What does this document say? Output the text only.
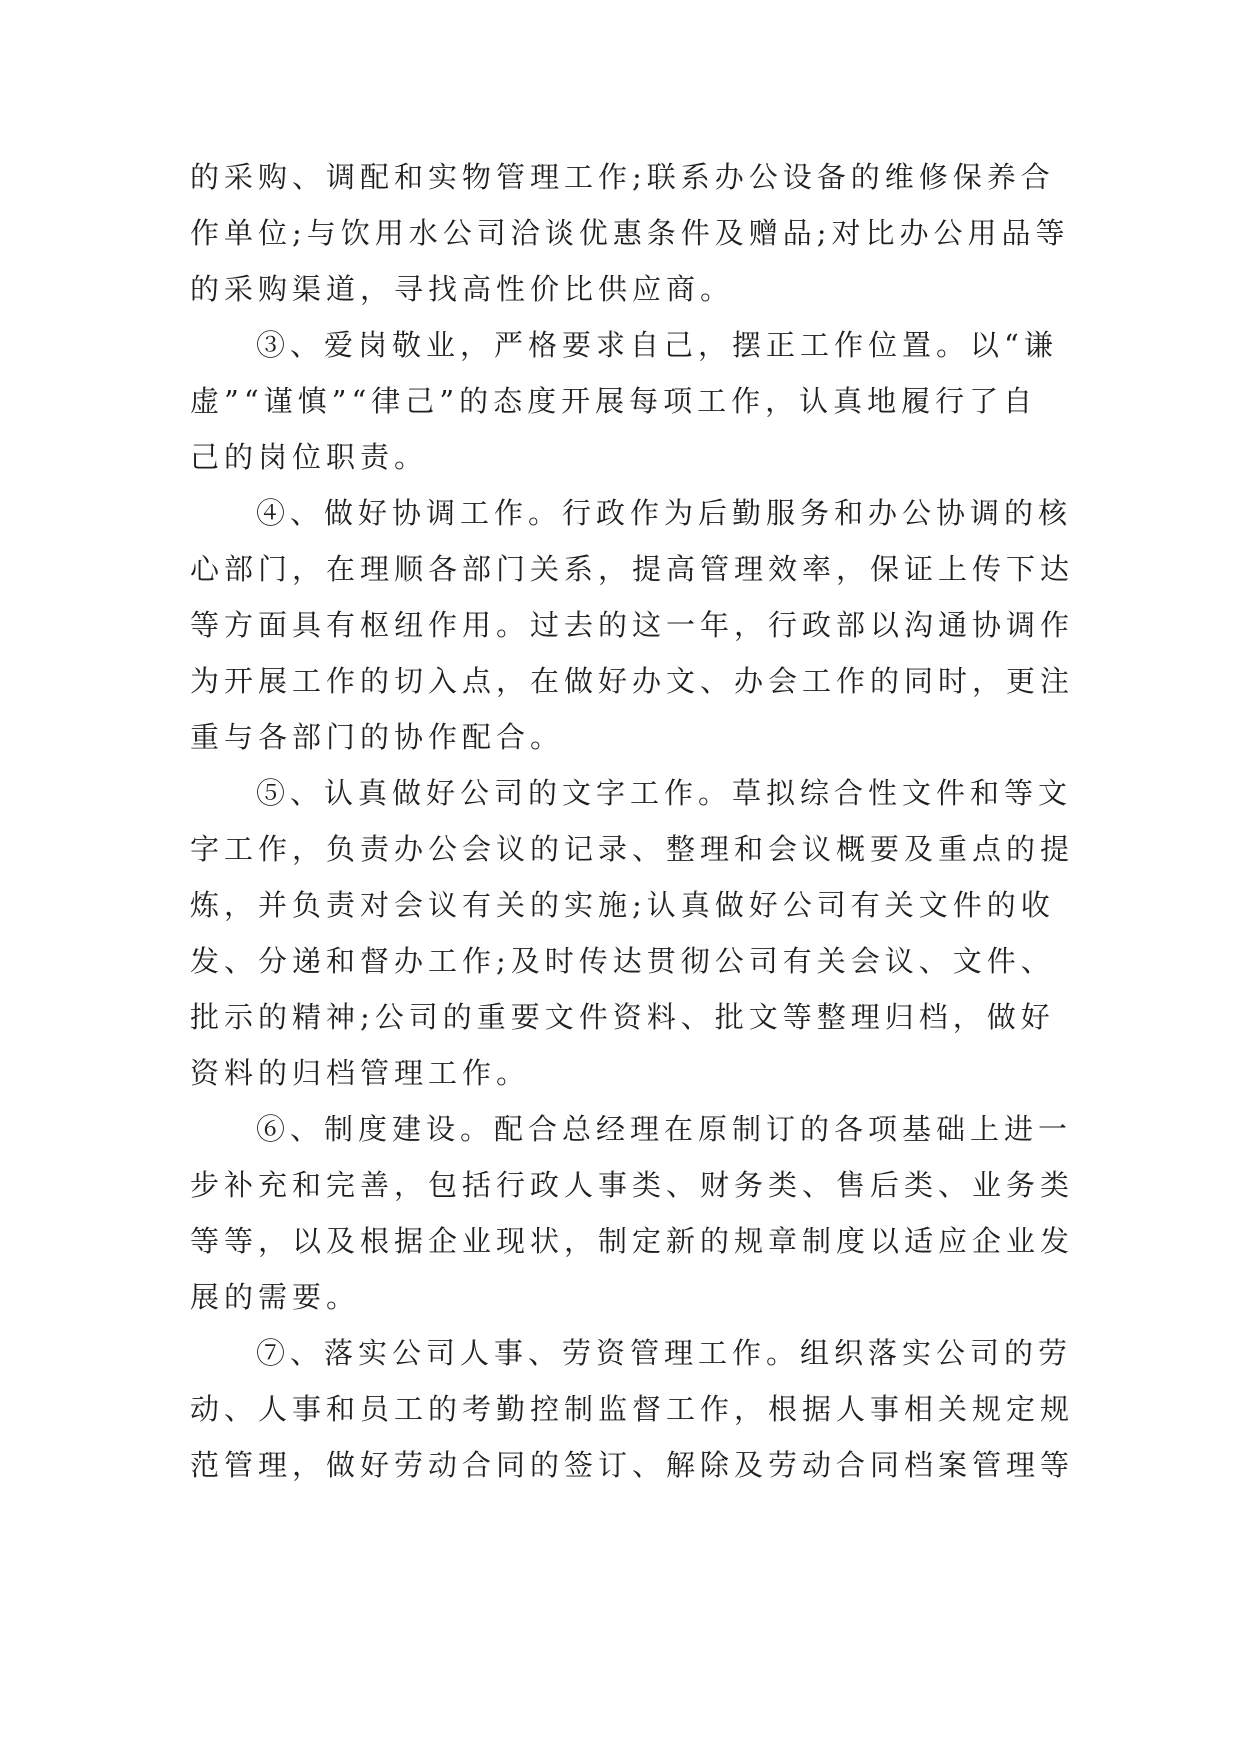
的采购、调配和实物管理工作;联系办公设备的维修保养合
作单位;与饮用水公司洽谈优惠条件及赠品;对比办公用品等
的采购渠道，寻找高性价比供应商。
③、爱岗敬业，严格要求自己，摆正工作位置。以“谦
虚”“谨慎”“律己”的态度开展每项工作，认真地履行了自
己的岗位职责。
④、做好协调工作。行政作为后勤服务和办公协调的核
心部门，在理顺各部门关系，提高管理效率，保证上传下达
等方面具有枢纽作用。过去的这一年，行政部以沟通协调作
为开展工作的切入点，在做好办文、办会工作的同时，更注
重与各部门的协作配合。
⑤、认真做好公司的文字工作。草拟综合性文件和等文
字工作，负责办公会议的记录、整理和会议概要及重点的提
炼，并负责对会议有关的实施;认真做好公司有关文件的收
发、分递和督办工作;及时传达贯彻公司有关会议、文件、
批示的精神;公司的重要文件资料、批文等整理归档，做好
资料的归档管理工作。
⑥、制度建设。配合总经理在原制订的各项基础上进一
步补充和完善，包括行政人事类、财务类、售后类、业务类
等等，以及根据企业现状，制定新的规章制度以适应企业发
展的需要。
⑦、落实公司人事、劳资管理工作。组织落实公司的劳
动、人事和员工的考勤控制监督工作，根据人事相关规定规
范管理，做好劳动合同的签订、解除及劳动合同档案管理等
